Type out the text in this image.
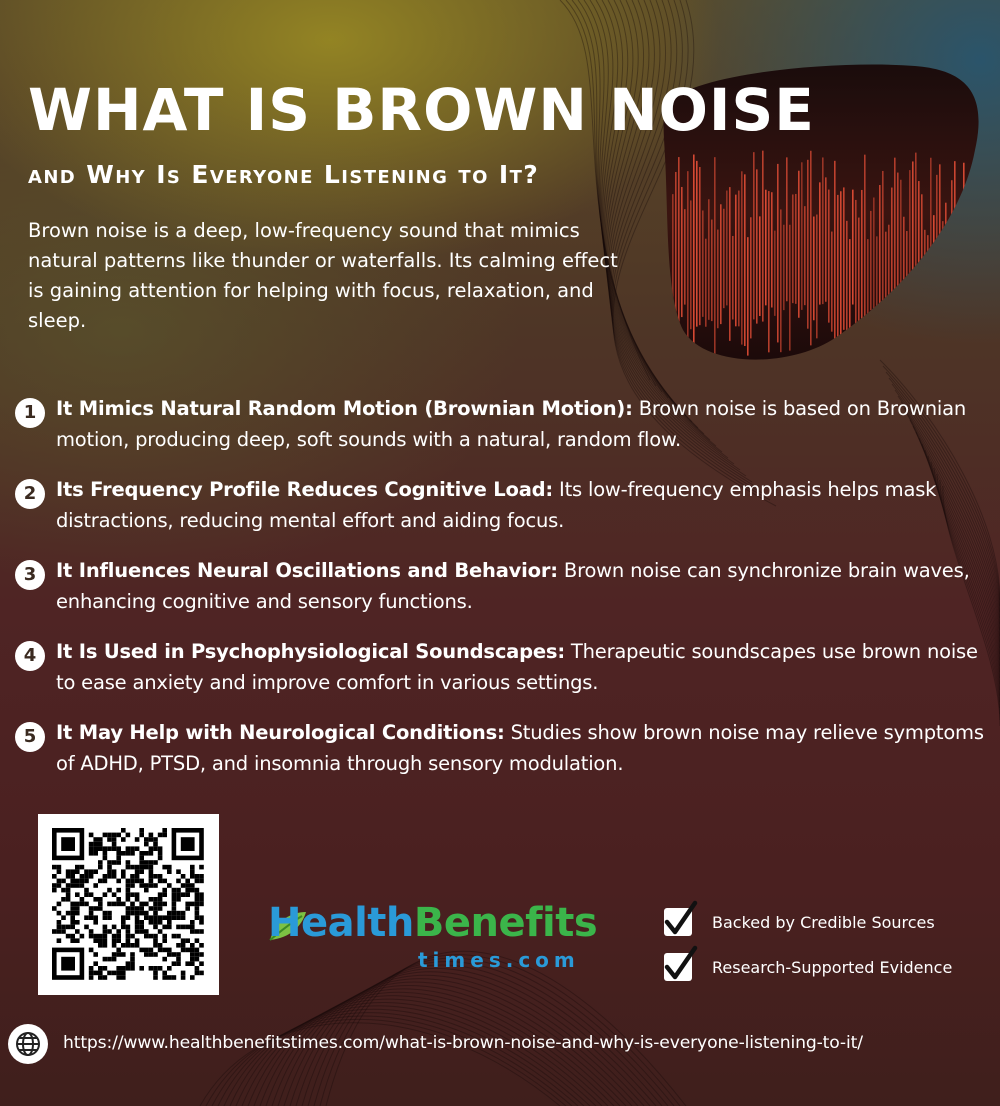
WHAT IS BROWN NOISE
and Why Is Everyone Listening to It?

Brown noise is a deep, low-frequency sound that mimics natural patterns like thunder or waterfalls. Its calming effect is gaining attention for helping with focus, relaxation, and sleep.

1	It Mimics Natural Random Motion (Brownian Motion): Brown noise is based on Brownian motion, producing deep, soft sounds with a natural, random flow.

2	Its Frequency Profile Reduces Cognitive Load: Its low-frequency emphasis helps mask distractions, reducing mental effort and aiding focus.

3	It Influences Neural Oscillations and Behavior: Brown noise can synchronize brain waves, enhancing cognitive and sensory functions.

4	It Is Used in Psychophysiological Soundscapes: Therapeutic soundscapes use brown noise to ease anxiety and improve comfort in various settings.

5	It May Help with Neurological Conditions: Studies show brown noise may relieve symptoms of ADHD, PTSD, and insomnia through sensory modulation.

HealthBenefits
times.com
Backed by Credible Sources
Research-Supported Evidence
https://www.healthbenefitstimes.com/what-is-brown-noise-and-why-is-everyone-listening-to-it/
